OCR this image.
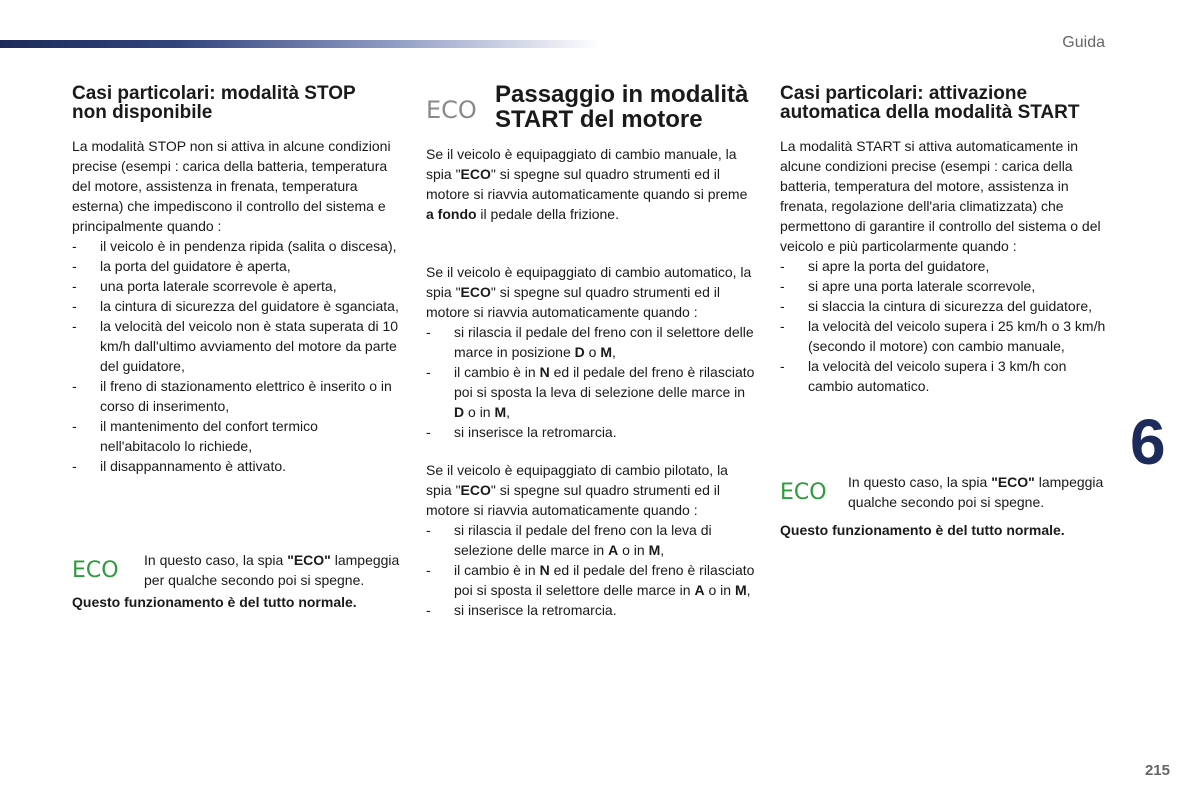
Guida
6
215
Casi particolari: modalità STOP
non disponibile

La modalità STOP non si attiva in alcune condizioni precise (esempi : carica della batteria, temperatura del motore, assistenza in frenata, temperatura esterna) che impediscono il controllo del sistema e principalmente quando :

- il veicolo è in pendenza ripida (salita o discesa),
- la porta del guidatore è aperta,
- una porta laterale scorrevole è aperta,
- la cintura di sicurezza del guidatore è sganciata,
- la velocità del veicolo non è stata superata di 10 km/h dall'ultimo avviamento del motore da parte del guidatore,
- il freno di stazionamento elettrico è inserito o in corso di inserimento,
- il mantenimento del confort termico nell'abitacolo lo richiede,
- il disappannamento è attivato.
ECO In questo caso, la spia "ECO" lampeggia per qualche secondo poi si spegne.

Questo funzionamento è del tutto normale.
ECO
Passaggio in modalità
START del motore

Se il veicolo è equipaggiato di cambio manuale, la spia "ECO" si spegne sul quadro strumenti ed il motore si riavvia automaticamente quando si preme a fondo il pedale della frizione.

Se il veicolo è equipaggiato di cambio automatico, la spia "ECO" si spegne sul quadro strumenti ed il motore si riavvia automaticamente quando :

- si rilascia il pedale del freno con il selettore delle marce in posizione D o M,
- il cambio è in N ed il pedale del freno è rilasciato poi si sposta la leva di selezione delle marce in D o in M,
- si inserisce la retromarcia.

Se il veicolo è equipaggiato di cambio pilotato, la spia "ECO" si spegne sul quadro strumenti ed il motore si riavvia automaticamente quando :

- si rilascia il pedale del freno con la leva di selezione delle marce in A o in M,
- il cambio è in N ed il pedale del freno è rilasciato poi si sposta il selettore delle marce in A o in M,
- si inserisce la retromarcia.
Casi particolari: attivazione
automatica della modalità START

La modalità START si attiva automaticamente in alcune condizioni precise (esempi : carica della batteria, temperatura del motore, assistenza in frenata, regolazione dell'aria climatizzata) che permettono di garantire il controllo del sistema o del veicolo e più particolarmente quando :

- si apre la porta del guidatore,
- si apre una porta laterale scorrevole,
- si slaccia la cintura di sicurezza del guidatore,
- la velocità del veicolo supera i 25 km/h o 3 km/h (secondo il motore) con cambio manuale,
- la velocità del veicolo supera i 3 km/h con cambio automatico.
ECO In questo caso, la spia "ECO" lampeggia qualche secondo poi si spegne.

Questo funzionamento è del tutto normale.
